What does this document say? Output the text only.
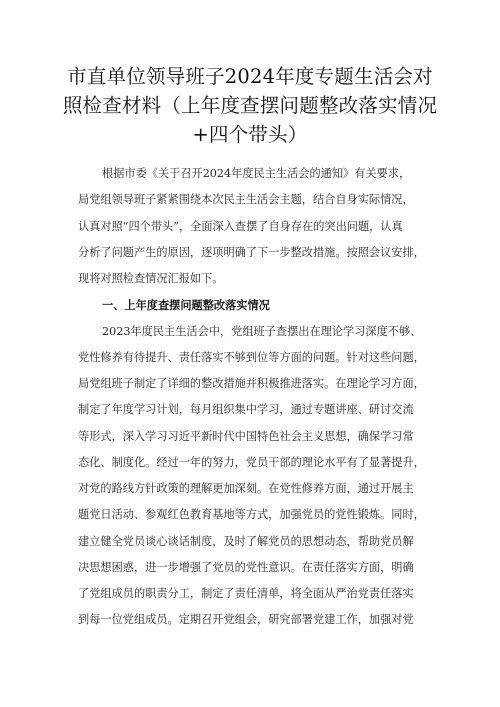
市直单位领导班子2024年度专题生活会对
照检查材料（上年度查摆问题整改落实情况
+四个带头）
根据市委《关于召开2024年度民主生活会的通知》有关要求，
局党组领导班子紧紧围绕本次民主生活会主题，结合自身实际情况，
认真对照“四个带头”，全面深入查摆了自身存在的突出问题，认真
分析了问题产生的原因，逐项明确了下一步整改措施。按照会议安排，
现将对照检查情况汇报如下。
一、上年度查摆问题整改落实情况
2023年度民主生活会中，党组班子查摆出在理论学习深度不够、
党性修养有待提升、责任落实不够到位等方面的问题。针对这些问题，
局党组班子制定了详细的整改措施并积极推进落实。在理论学习方面，
制定了年度学习计划，每月组织集中学习，通过专题讲座、研讨交流
等形式，深入学习习近平新时代中国特色社会主义思想，确保学习常
态化、制度化。经过一年的努力，党员干部的理论水平有了显著提升，
对党的路线方针政策的理解更加深刻。在党性修养方面，通过开展主
题党日活动、参观红色教育基地等方式，加强党员的党性锻炼。同时，
建立健全党员谈心谈话制度，及时了解党员的思想动态，帮助党员解
决思想困惑，进一步增强了党员的党性意识。在责任落实方面，明确
了党组成员的职责分工，制定了责任清单，将全面从严治党责任落实
到每一位党组成员。定期召开党组会，研究部署党建工作，加强对党
